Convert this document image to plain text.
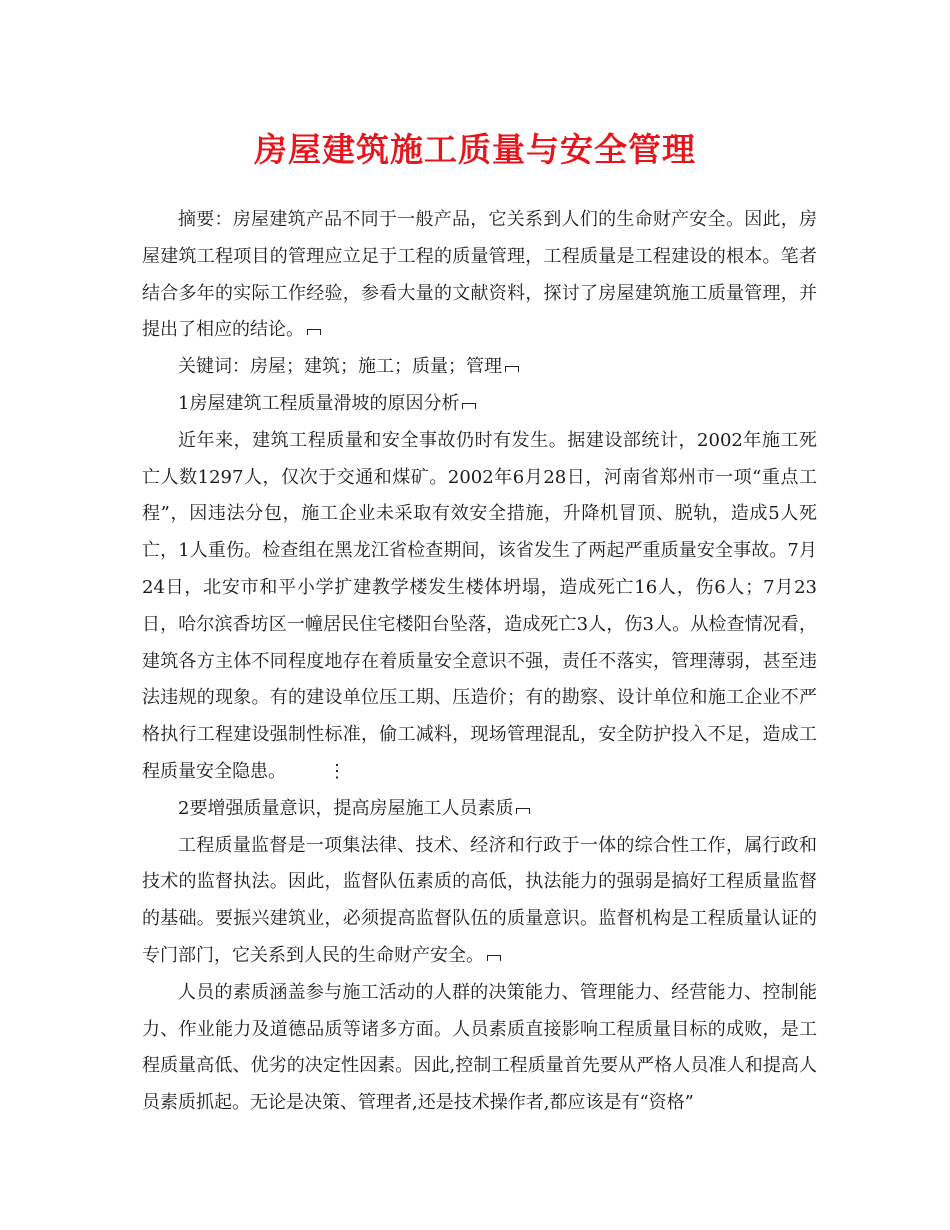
房屋建筑施工质量与安全管理

摘要：房屋建筑产品不同于一般产品，它关系到人们的生命财产安全。因此，房屋建筑工程项目的管理应立足于工程的质量管理，工程质量是工程建设的根本。笔者结合多年的实际工作经验，参看大量的文献资料，探讨了房屋建筑施工质量管理，并提出了相应的结论。

关键词：房屋；建筑；施工；质量；管理

1房屋建筑工程质量滑坡的原因分析

近年来，建筑工程质量和安全事故仍时有发生。据建设部统计，2002年施工死亡人数1297人，仅次于交通和煤矿。2002年6月28日，河南省郑州市一项“重点工程”，因违法分包，施工企业未采取有效安全措施，升降机冒顶、脱轨，造成5人死亡，1人重伤。检查组在黑龙江省检查期间，该省发生了两起严重质量安全事故。7月24日，北安市和平小学扩建教学楼发生楼体坍塌，造成死亡16人，伤6人；7月23日，哈尔滨香坊区一幢居民住宅楼阳台坠落，造成死亡3人，伤3人。从检查情况看，建筑各方主体不同程度地存在着质量安全意识不强，责任不落实，管理薄弱，甚至违法违规的现象。有的建设单位压工期、压造价；有的勘察、设计单位和施工企业不严格执行工程建设强制性标准，偷工减料，现场管理混乱，安全防护投入不足，造成工程质量安全隐患。 ⋮

2要增强质量意识，提高房屋施工人员素质

工程质量监督是一项集法律、技术、经济和行政于一体的综合性工作，属行政和技术的监督执法。因此，监督队伍素质的高低，执法能力的强弱是搞好工程质量监督的基础。要振兴建筑业，必须提高监督队伍的质量意识。监督机构是工程质量认证的专门部门，它关系到人民的生命财产安全。

人员的素质涵盖参与施工活动的人群的决策能力、管理能力、经营能力、控制能力、作业能力及道德品质等诸多方面。人员素质直接影响工程质量目标的成败，是工程质量高低、优劣的决定性因素。因此,控制工程质量首先要从严格人员准人和提高人员素质抓起。无论是决策、管理者,还是技术操作者,都应该是有“资格”
